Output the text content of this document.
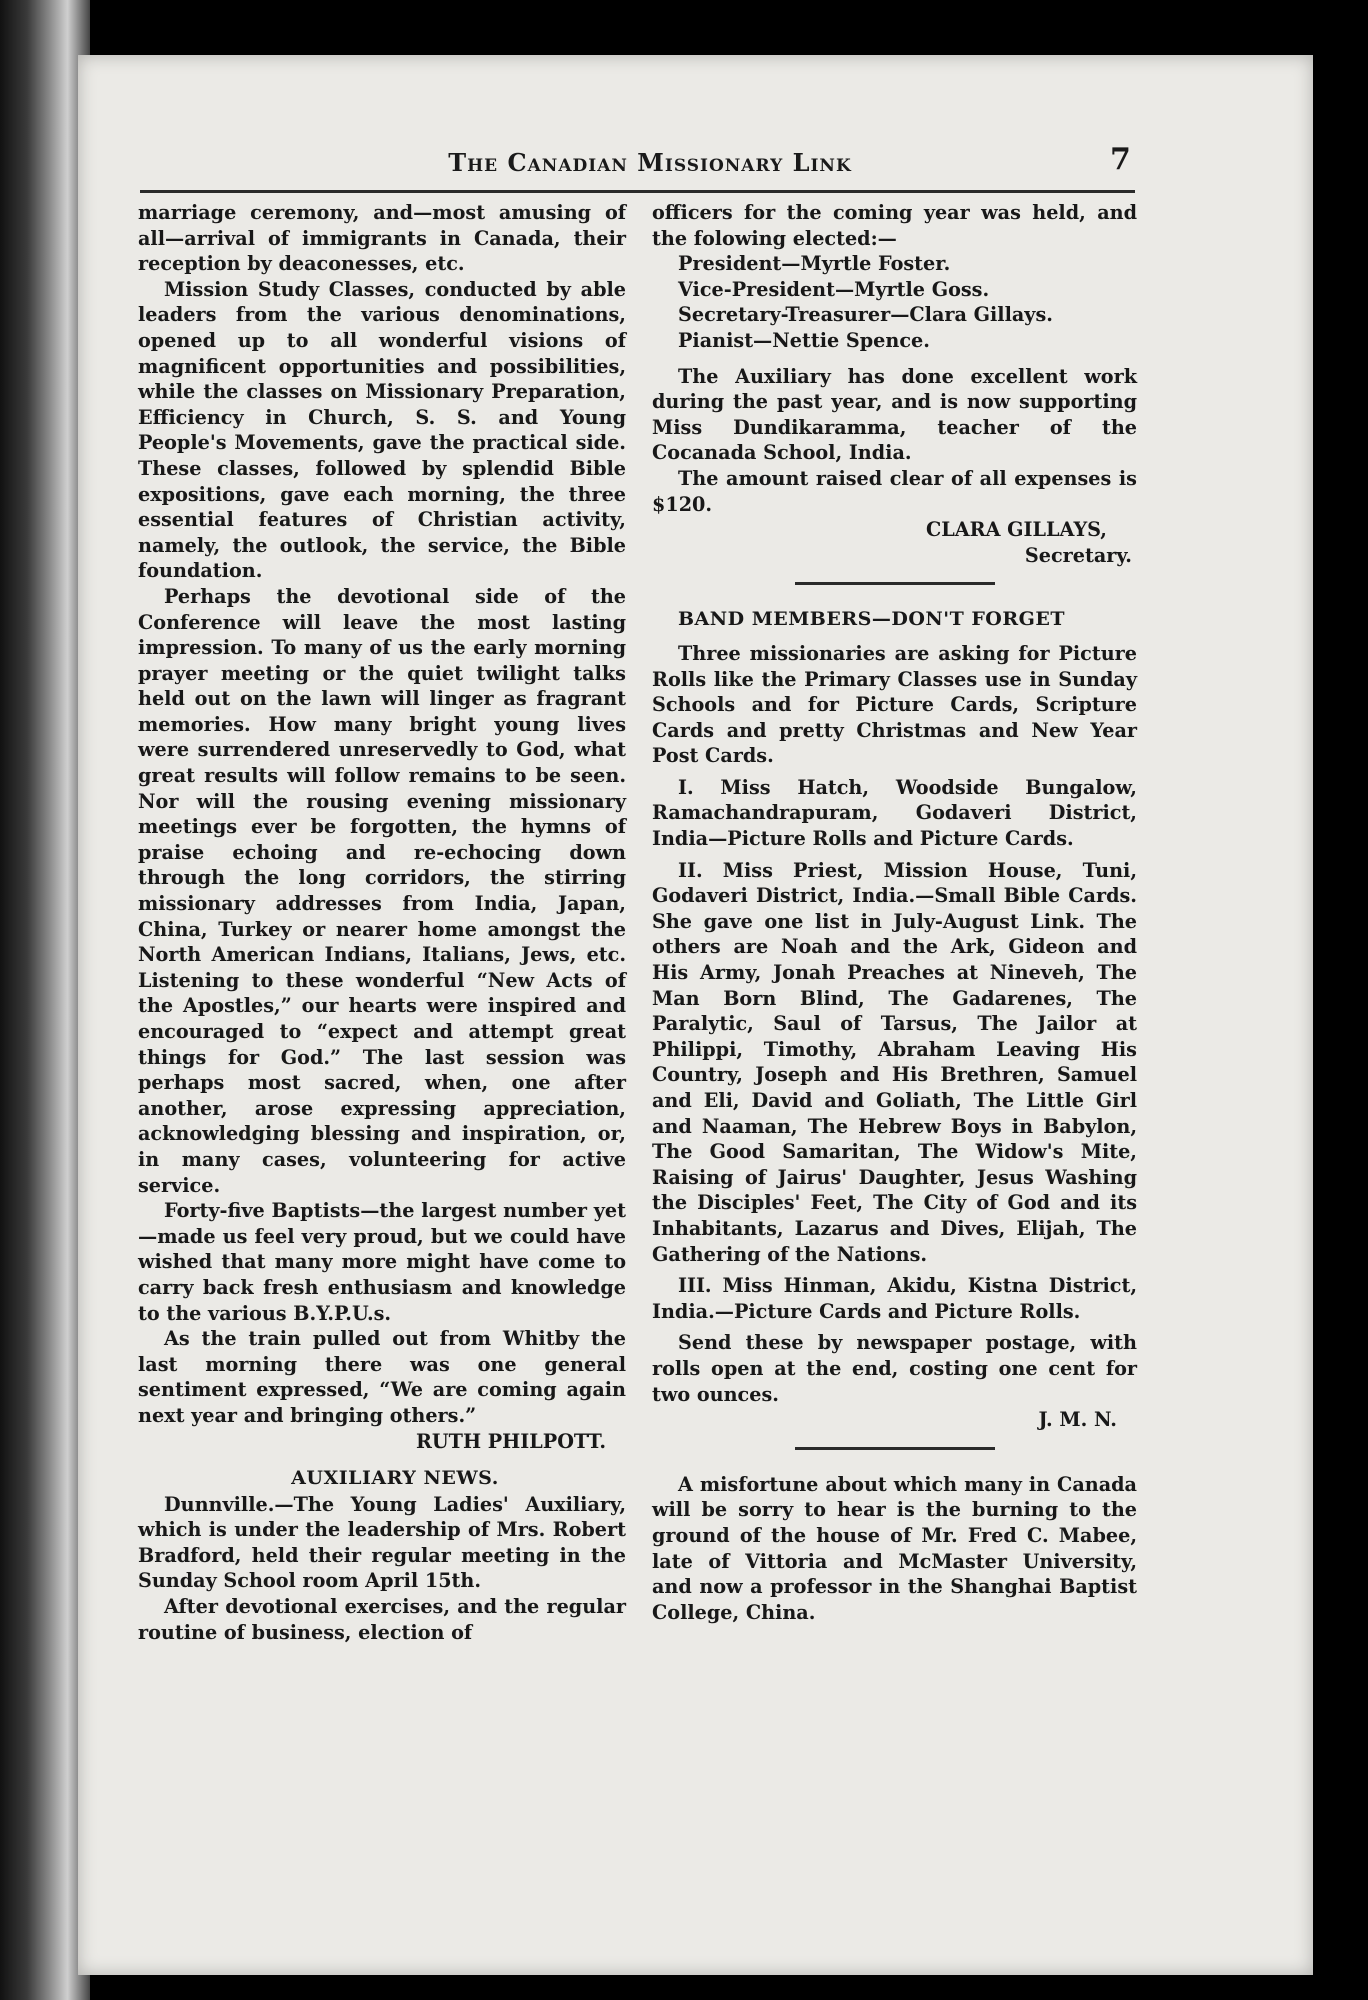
The Canadian Missionary Link	7

marriage ceremony, and—most amusing of all—arrival of immigrants in Canada, their reception by deaconesses, etc.

Mission Study Classes, conducted by able leaders from the various denominations, opened up to all wonderful visions of magnificent opportunities and possibilities, while the classes on Missionary Preparation, Efficiency in Church, S. S. and Young People's Movements, gave the practical side. These classes, followed by splendid Bible expositions, gave each morning, the three essential features of Christian activity, namely, the outlook, the service, the Bible foundation.

Perhaps the devotional side of the Conference will leave the most lasting impression. To many of us the early morning prayer meeting or the quiet twilight talks held out on the lawn will linger as fragrant memories. How many bright young lives were surrendered unreservedly to God, what great results will follow remains to be seen. Nor will the rousing evening missionary meetings ever be forgotten, the hymns of praise echoing and re-echocing down through the long corridors, the stirring missionary addresses from India, Japan, China, Turkey or nearer home amongst the North American Indians, Italians, Jews, etc. Listening to these wonderful “New Acts of the Apostles,” our hearts were inspired and encouraged to “expect and attempt great things for God.” The last session was perhaps most sacred, when, one after another, arose expressing appreciation, acknowledging blessing and inspiration, or, in many cases, volunteering for active service.

Forty-five Baptists—the largest number yet—made us feel very proud, but we could have wished that many more might have come to carry back fresh enthusiasm and knowledge to the various B.Y.P.U.s.

As the train pulled out from Whitby the last morning there was one general sentiment expressed, “We are coming again next year and bringing others.”

RUTH PHILPOTT.

AUXILIARY NEWS.

Dunnville.—The Young Ladies' Auxiliary, which is under the leadership of Mrs. Robert Bradford, held their regular meeting in the Sunday School room April 15th.

After devotional exercises, and the regular routine of business, election of

officers for the coming year was held, and the folowing elected:—

President—Myrtle Foster.
Vice-President—Myrtle Goss.
Secretary-Treasurer—Clara Gillays.
Pianist—Nettie Spence.

The Auxiliary has done excellent work during the past year, and is now supporting Miss Dundikaramma, teacher of the Cocanada School, India.

The amount raised clear of all expenses is $120.

CLARA GILLAYS,

Secretary.

BAND MEMBERS—DON'T FORGET

Three missionaries are asking for Picture Rolls like the Primary Classes use in Sunday Schools and for Picture Cards, Scripture Cards and pretty Christmas and New Year Post Cards.

I. Miss Hatch, Woodside Bungalow, Ramachandrapuram, Godaveri District, India—Picture Rolls and Picture Cards.

II. Miss Priest, Mission House, Tuni, Godaveri District, India.—Small Bible Cards. She gave one list in July-August Link. The others are Noah and the Ark, Gideon and His Army, Jonah Preaches at Nineveh, The Man Born Blind, The Gadarenes, The Paralytic, Saul of Tarsus, The Jailor at Philippi, Timothy, Abraham Leaving His Country, Joseph and His Brethren, Samuel and Eli, David and Goliath, The Little Girl and Naaman, The Hebrew Boys in Babylon, The Good Samaritan, The Widow's Mite, Raising of Jairus' Daughter, Jesus Washing the Disciples' Feet, The City of God and its Inhabitants, Lazarus and Dives, Elijah, The Gathering of the Nations.

III. Miss Hinman, Akidu, Kistna District, India.—Picture Cards and Picture Rolls.

Send these by newspaper postage, with rolls open at the end, costing one cent for two ounces.

J. M. N.

A misfortune about which many in Canada will be sorry to hear is the burning to the ground of the house of Mr. Fred C. Mabee, late of Vittoria and McMaster University, and now a professor in the Shanghai Baptist College, China.
